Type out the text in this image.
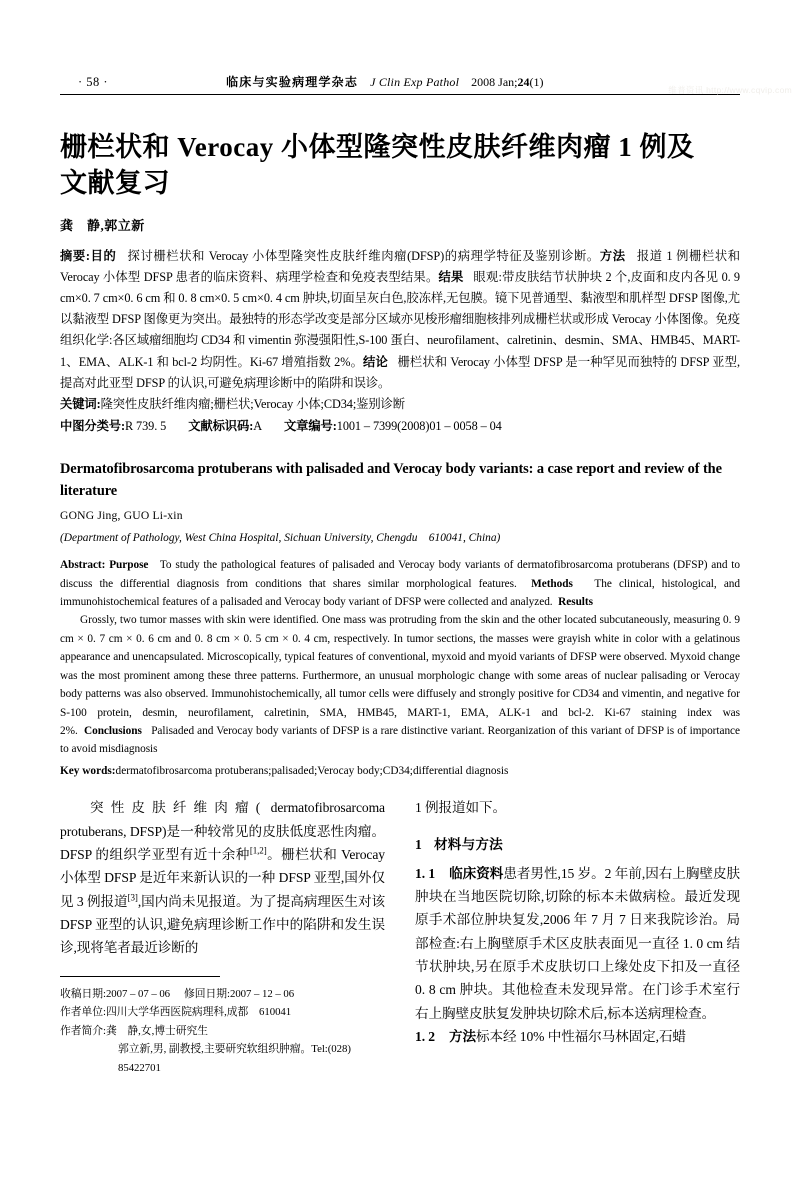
维普资讯 http://www.cqvip.com
· 58 ·	临床与实验病理学杂志 J Clin Exp Pathol 2008 Jan;24(1)
栅栏状和 Verocay 小体型隆突性皮肤纤维肉瘤 1 例及
文献复习
龚　静,郭立新
摘要:目的 探讨栅栏状和 Verocay 小体型隆突性皮肤纤维肉瘤(DFSP)的病理学特征及鉴别诊断。方法 报道 1 例栅栏状和 Verocay 小体型 DFSP 患者的临床资料、病理学检查和免疫表型结果。结果 眼观:带皮肤结节状肿块 2 个,皮面和皮内各见 0. 9 cm×0. 7 cm×0. 6 cm 和 0. 8 cm×0. 5 cm×0. 4 cm 肿块,切面呈灰白色,胶冻样,无包膜。镜下见普通型、黏液型和肌样型 DFSP 图像,尤以黏液型 DFSP 图像更为突出。最独特的形态学改变是部分区域亦见梭形瘤细胞核排列成栅栏状或形成 Verocay 小体图像。免疫组织化学:各区域瘤细胞均 CD34 和 vimentin 弥漫强阳性,S-100 蛋白、neurofilament、calretinin、desmin、SMA、HMB45、MART-1、EMA、ALK-1 和 bcl-2 均阴性。Ki-67 增殖指数 2%。结论 栅栏状和 Verocay 小体型 DFSP 是一种罕见而独特的 DFSP 亚型,提高对此亚型 DFSP 的认识,可避免病理诊断中的陷阱和误诊。
关键词:隆突性皮肤纤维肉瘤;栅栏状;Verocay 小体;CD34;鉴别诊断
中图分类号:R 739. 5 文献标识码:A 文章编号:1001 – 7399(2008)01 – 0058 – 04
Dermatofibrosarcoma protuberans with palisaded and Verocay body variants: a case report and review of the literature
GONG Jing, GUO Li-xin
(Department of Pathology, West China Hospital, Sichuan University, Chengdu　610041, China)
Abstract: Purpose To study the pathological features of palisaded and Verocay body variants of dermatofibrosarcoma protuberans (DFSP) and to discuss the differential diagnosis from conditions that shares similar morphological features. Methods The clinical, histological, and immunohistochemical features of a palisaded and Verocay body variant of DFSP were collected and analyzed. Results
Grossly, two tumor masses with skin were identified. One mass was protruding from the skin and the other located subcutaneously, measuring 0. 9 cm × 0. 7 cm × 0. 6 cm and 0. 8 cm × 0. 5 cm × 0. 4 cm, respectively. In tumor sections, the masses were grayish white in color with a gelatinous appearance and unencapsulated. Microscopically, typical features of conventional, myxoid and myoid variants of DFSP were observed. Myxoid change was the most prominent among these three patterns. Furthermore, an unusual morphologic change with some areas of nuclear palisading or Verocay body patterns was also observed. Immunohistochemically, all tumor cells were diffusely and strongly positive for CD34 and vimentin, and negative for S-100 protein, desmin, neurofilament, calretinin, SMA, HMB45, MART-1, EMA, ALK-1 and bcl-2. Ki-67 staining index was 2%. Conclusions Palisaded and Verocay body variants of DFSP is a rare distinctive variant. Reorganization of this variant of DFSP is of importance to avoid misdiagnosis
Key words:dermatofibrosarcoma protuberans;palisaded;Verocay body;CD34;differential diagnosis

突性皮肤纤维肉瘤( dermatofibrosarcoma protuberans, DFSP)是一种较常见的皮肤低度恶性肉瘤。DFSP 的组织学亚型有近十余种[1,2]。栅栏状和 Verocay 小体型 DFSP 是近年来新认识的一种 DFSP 亚型,国外仅见 3 例报道[3],国内尚未见报道。为了提高病理医生对该 DFSP 亚型的认识,避免病理诊断工作中的陷阱和发生误诊,现将笔者最近诊断的

收稿日期:2007 – 07 – 06 修回日期:2007 – 12 – 06
作者单位:四川大学华西医院病理科,成都　610041
作者简介:龚　静,女,博士研究生
郭立新,男, 副教授,主要研究软组织肿瘤。Tel:(028)
85422701

1 例报道如下。

1 材料与方法

1. 1 临床资料患者男性,15 岁。2 年前,因右上胸壁皮肤肿块在当地医院切除,切除的标本未做病检。最近发现原手术部位肿块复发,2006 年 7 月 7 日来我院诊治。局部检查:右上胸壁原手术区皮肤表面见一直径 1. 0 cm 结节状肿块,另在原手术皮肤切口上缘处皮下扣及一直径 0. 8 cm 肿块。其他检查未发现异常。在门诊手术室行右上胸壁皮肤复发肿块切除术后,标本送病理检查。

1. 2 方法标本经 10% 中性福尔马林固定,石蜡
